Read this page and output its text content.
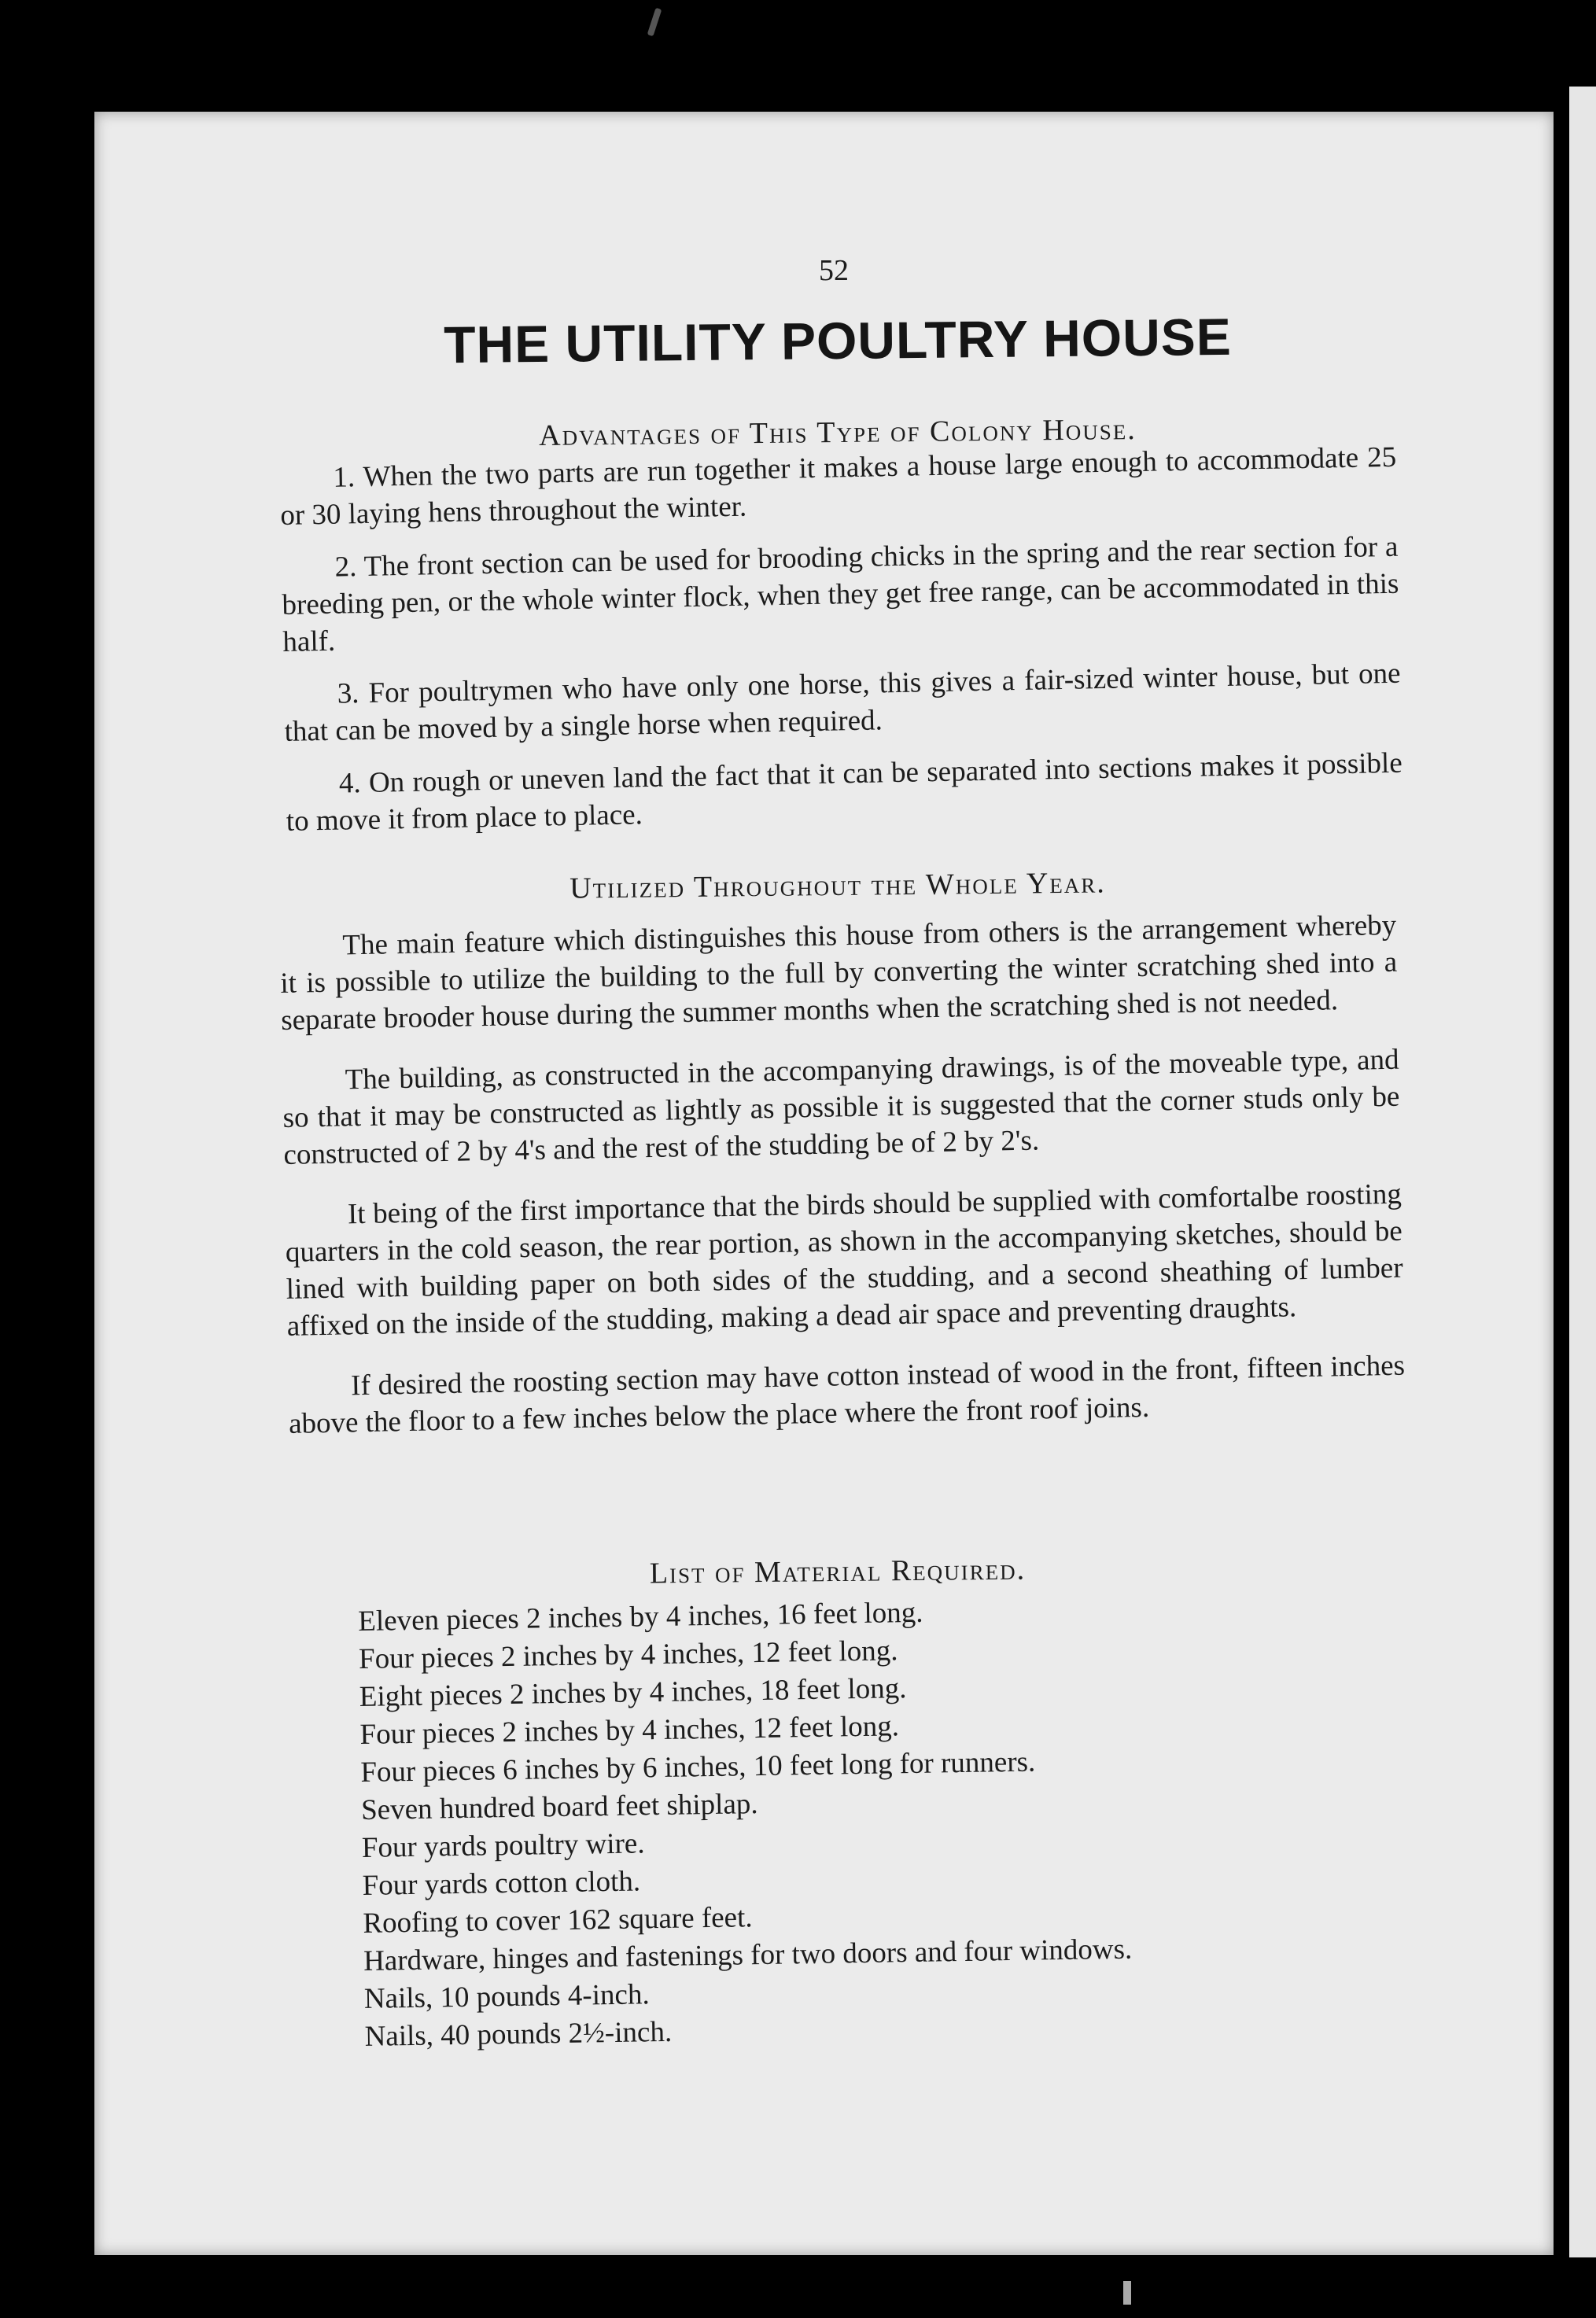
52
THE UTILITY POULTRY HOUSE
Advantages of This Type of Colony House.

1. When the two parts are run together it makes a house large enough to accommodate 25 or 30 laying hens throughout the winter.

2. The front section can be used for brooding chicks in the spring and the rear section for a breeding pen, or the whole winter flock, when they get free range, can be accommodated in this half.

3. For poultrymen who have only one horse, this gives a fair-sized winter house, but one that can be moved by a single horse when required.

4. On rough or uneven land the fact that it can be separated into sections makes it possible to move it from place to place.

Utilized Throughout the Whole Year.

The main feature which distinguishes this house from others is the arrangement whereby it is possible to utilize the building to the full by converting the winter scratching shed into a separate brooder house during the summer months when the scratching shed is not needed.

The building, as constructed in the accompanying drawings, is of the moveable type, and so that it may be constructed as lightly as possible it is suggested that the corner studs only be constructed of 2 by 4's and the rest of the studding be of 2 by 2's.

It being of the first importance that the birds should be supplied with comfortalbe roosting quarters in the cold season, the rear portion, as shown in the accompanying sketches, should be lined with building paper on both sides of the studding, and a second sheathing of lumber affixed on the inside of the studding, making a dead air space and preventing draughts.

If desired the roosting section may have cotton instead of wood in the front, fifteen inches above the floor to a few inches below the place where the front roof joins.

List of Material Required.
Eleven pieces 2 inches by 4 inches, 16 feet long.
Four pieces 2 inches by 4 inches, 12 feet long.
Eight pieces 2 inches by 4 inches, 18 feet long.
Four pieces 2 inches by 4 inches, 12 feet long.
Four pieces 6 inches by 6 inches, 10 feet long for runners.
Seven hundred board feet shiplap.
Four yards poultry wire.
Four yards cotton cloth.
Roofing to cover 162 square feet.
Hardware, hinges and fastenings for two doors and four windows.
Nails, 10 pounds 4-inch.
Nails, 40 pounds 2½-inch.
